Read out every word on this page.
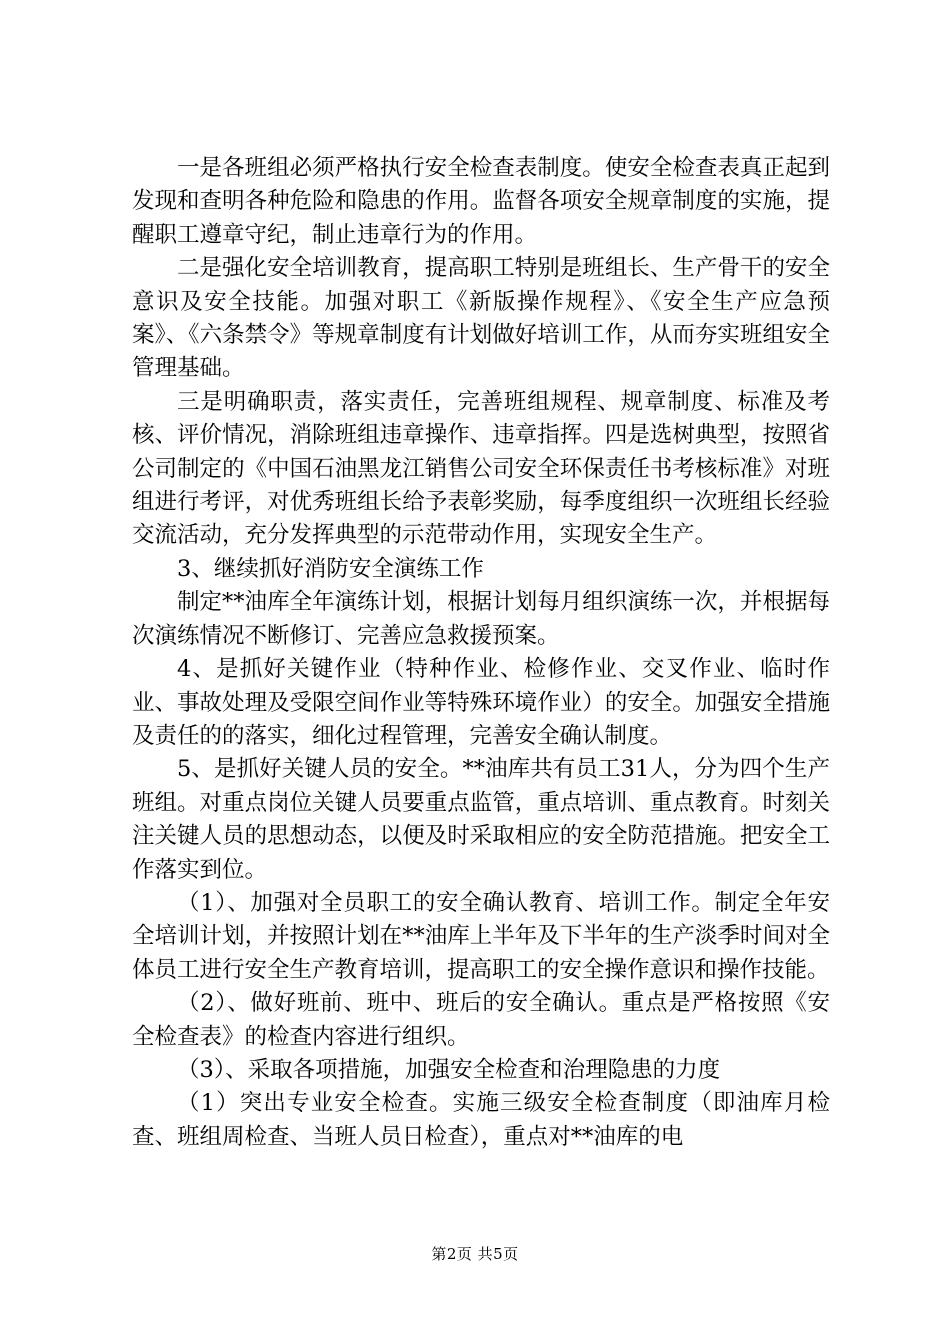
一是各班组必须严格执行安全检查表制度。使安全检查表真正起到发现和查明各种危险和隐患的作用。监督各项安全规章制度的实施，提醒职工遵章守纪，制止违章行为的作用。

二是强化安全培训教育，提高职工特别是班组长、生产骨干的安全意识及安全技能。加强对职工《新版操作规程》、《安全生产应急预案》、《六条禁令》等规章制度有计划做好培训工作，从而夯实班组安全管理基础。

三是明确职责，落实责任，完善班组规程、规章制度、标准及考核、评价情况，消除班组违章操作、违章指挥。四是选树典型，按照省公司制定的《中国石油黑龙江销售公司安全环保责任书考核标准》对班组进行考评，对优秀班组长给予表彰奖励，每季度组织一次班组长经验交流活动，充分发挥典型的示范带动作用，实现安全生产。

3、继续抓好消防安全演练工作

制定**油库全年演练计划，根据计划每月组织演练一次，并根据每次演练情况不断修订、完善应急救援预案。

4、是抓好关键作业（特种作业、检修作业、交叉作业、临时作业、事故处理及受限空间作业等特殊环境作业）的安全。加强安全措施及责任的的落实，细化过程管理，完善安全确认制度。

5、是抓好关键人员的安全。**油库共有员工31人，分为四个生产班组。对重点岗位关键人员要重点监管，重点培训、重点教育。时刻关注关键人员的思想动态，以便及时采取相应的安全防范措施。把安全工作落实到位。

（1）、加强对全员职工的安全确认教育、培训工作。制定全年安全培训计划，并按照计划在**油库上半年及下半年的生产淡季时间对全体员工进行安全生产教育培训，提高职工的安全操作意识和操作技能。

（2）、做好班前、班中、班后的安全确认。重点是严格按照《安全检查表》的检查内容进行组织。

（3）、采取各项措施，加强安全检查和治理隐患的力度

（1）突出专业安全检查。实施三级安全检查制度（即油库月检查、班组周检查、当班人员日检查），重点对**油库的电

第2页 共5页
